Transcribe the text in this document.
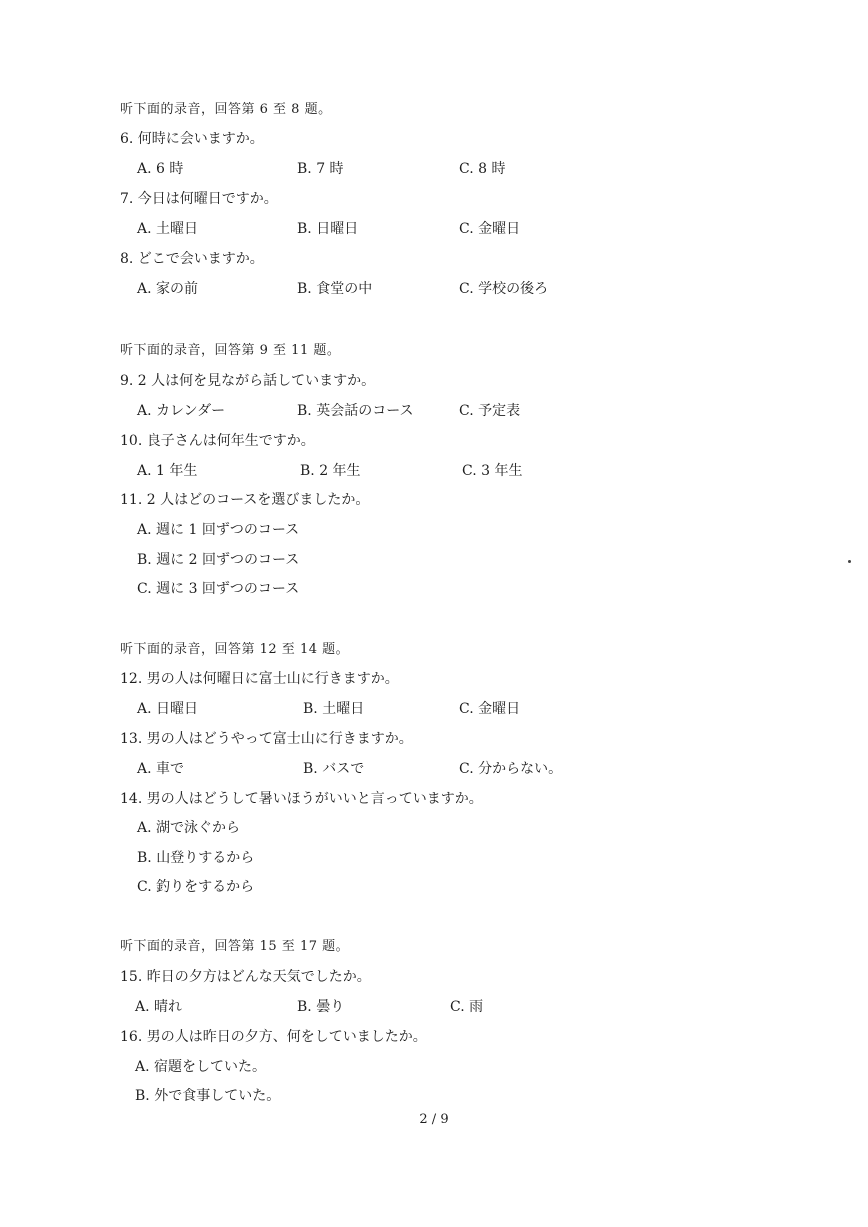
听下面的录音，回答第 6 至 8 题。
6. 何時に会いますか。
A. 6 時	B. 7 時	C. 8 時
7. 今日は何曜日ですか。
A. 土曜日	B. 日曜日	C. 金曜日
8. どこで会いますか。
A. 家の前	B. 食堂の中	C. 学校の後ろ
听下面的录音，回答第 9 至 11 题。
9. 2 人は何を見ながら話していますか。
A. カレンダー	B. 英会話のコース	C. 予定表
10. 良子さんは何年生ですか。
A. 1 年生	B. 2 年生	C. 3 年生
11. 2 人はどのコースを選びましたか。
A. 週に 1 回ずつのコース
B. 週に 2 回ずつのコース
C. 週に 3 回ずつのコース
听下面的录音，回答第 12 至 14 题。
12. 男の人は何曜日に富士山に行きますか。
A. 日曜日	B. 土曜日	C. 金曜日
13. 男の人はどうやって富士山に行きますか。
A. 車で	B. バスで	C. 分からない。
14. 男の人はどうして暑いほうがいいと言っていますか。
A. 湖で泳ぐから
B. 山登りするから
C. 釣りをするから
听下面的录音，回答第 15 至 17 题。
15. 昨日の夕方はどんな天気でしたか。
A. 晴れ	B. 曇り	C. 雨
16. 男の人は昨日の夕方、何をしていましたか。
A. 宿題をしていた。
B. 外で食事していた。
2 / 9
